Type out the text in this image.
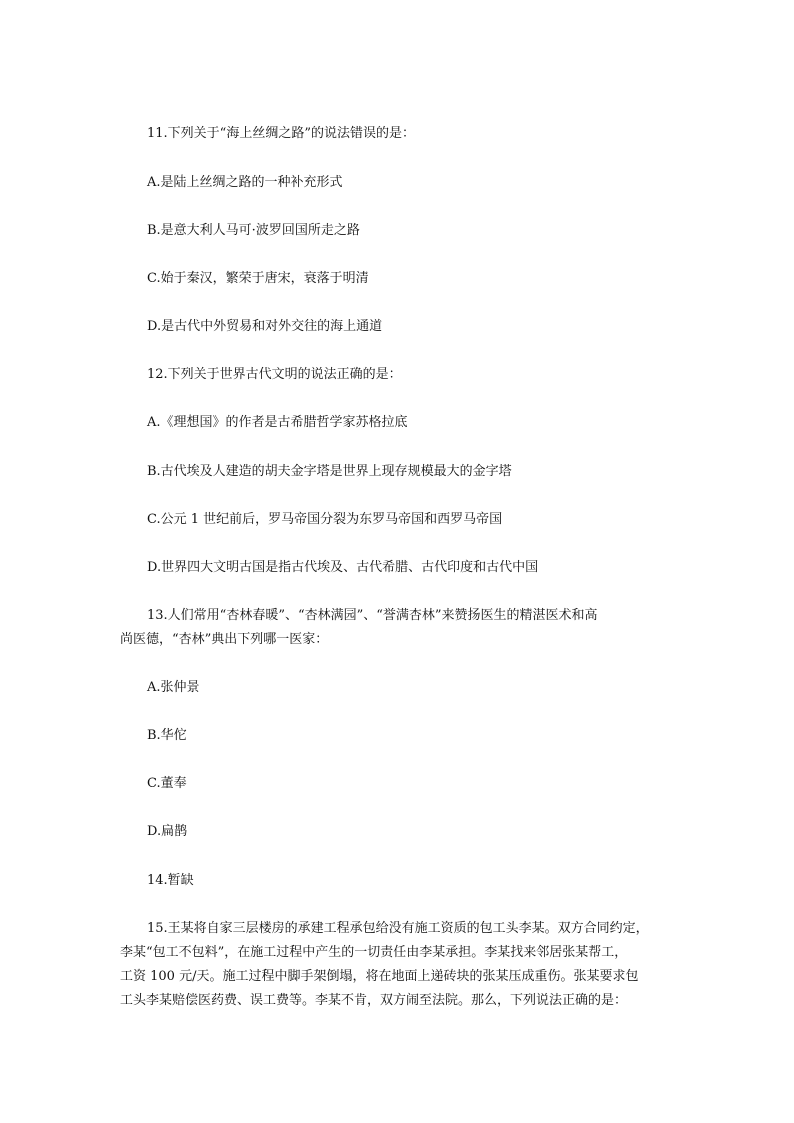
11.下列关于“海上丝绸之路”的说法错误的是：
A.是陆上丝绸之路的一种补充形式
B.是意大利人马可·波罗回国所走之路
C.始于秦汉，繁荣于唐宋，衰落于明清
D.是古代中外贸易和对外交往的海上通道
12.下列关于世界古代文明的说法正确的是：
A.《理想国》的作者是古希腊哲学家苏格拉底
B.古代埃及人建造的胡夫金字塔是世界上现存规模最大的金字塔
C.公元 1 世纪前后，罗马帝国分裂为东罗马帝国和西罗马帝国
D.世界四大文明古国是指古代埃及、古代希腊、古代印度和古代中国
13.人们常用“杏林春暖”、“杏林满园”、“誉满杏林”来赞扬医生的精湛医术和高
尚医德，“杏林”典出下列哪一医家：
A.张仲景
B.华佗
C.董奉
D.扁鹊
14.暂缺
15.王某将自家三层楼房的承建工程承包给没有施工资质的包工头李某。双方合同约定，
李某“包工不包料”，在施工过程中产生的一切责任由李某承担。李某找来邻居张某帮工，
工资 100 元/天。施工过程中脚手架倒塌，将在地面上递砖块的张某压成重伤。张某要求包
工头李某赔偿医药费、误工费等。李某不肯，双方闹至法院。那么，下列说法正确的是：
